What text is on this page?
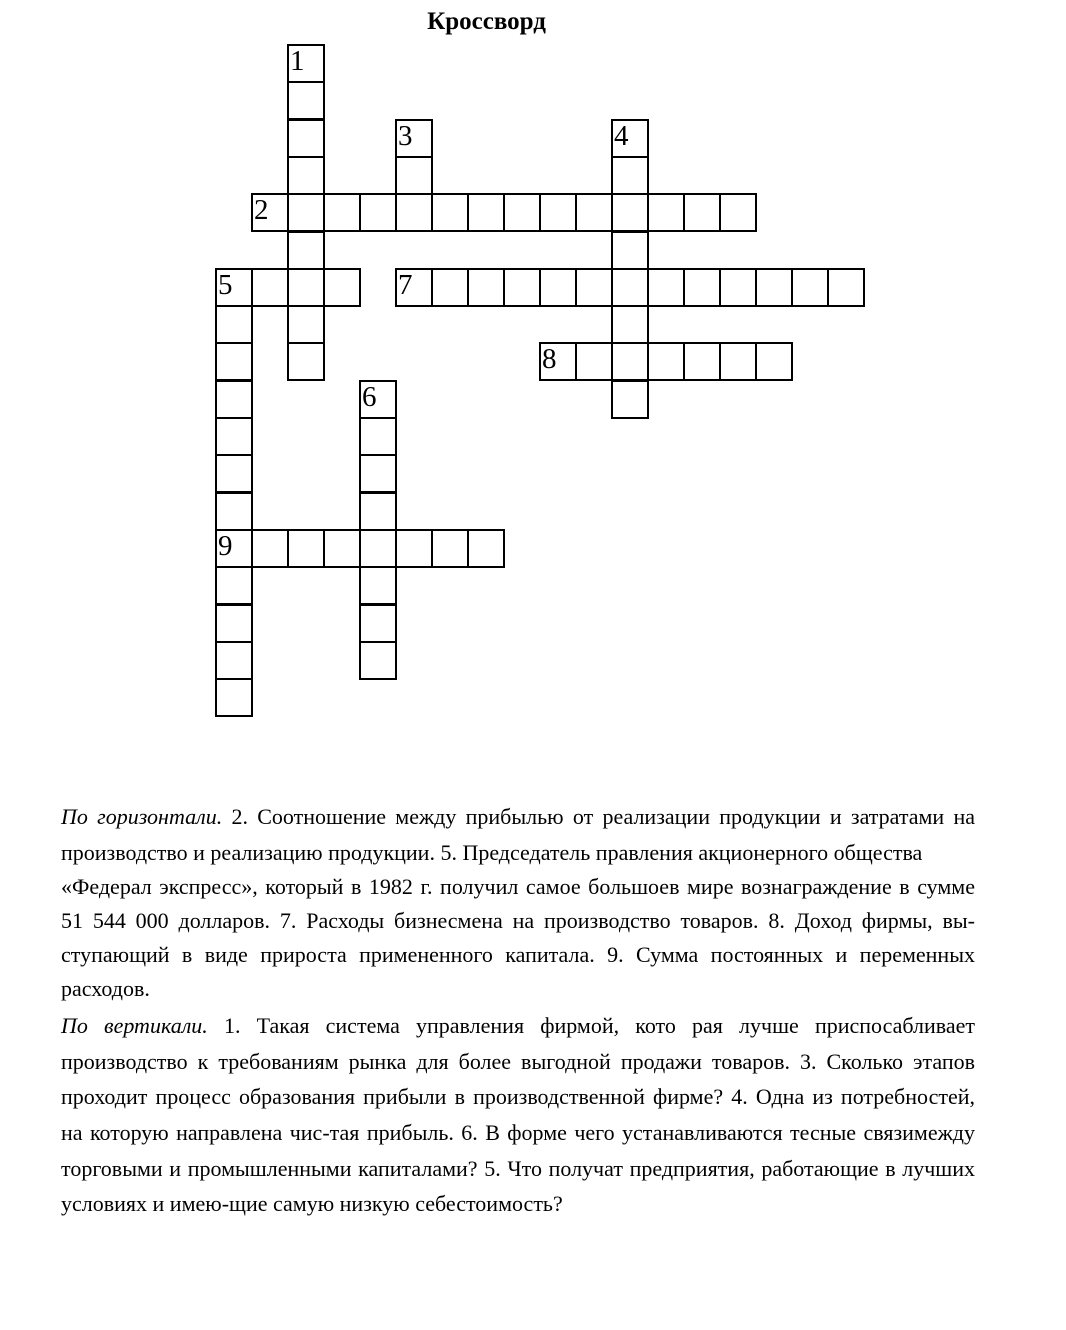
Кроссворд
1
2
3	4
5
9
6
7
8

По горизонтали. 2. Соотношение между прибылью от реализации продукции и затратами на производство и реализацию продукции. 5. Председатель правления акционерного общества

«Федерал экспресс», который в 1982 г. получил самое большоев мире вознаграждение в сумме 51 544 000 долларов. 7. Расходы бизнесмена на производство товаров. 8. Доход фирмы, вы-ступающий в виде прироста примененного капитала. 9. Сумма постоянных и переменных расходов.

По вертикали. 1. Такая система управления фирмой, кото рая лучше приспосабливает производство к требованиям рынка для более выгодной продажи товаров. 3. Сколько этапов проходит процесс образования прибыли в производственной фирме? 4. Одна из потребностей, на которую направлена чис-тая прибыль. 6. В форме чего устанавливаются тесные связимежду торговыми и промышленными капиталами? 5. Что получат предприятия, работающие в лучших условиях и имею-щие самую низкую себестоимость?
